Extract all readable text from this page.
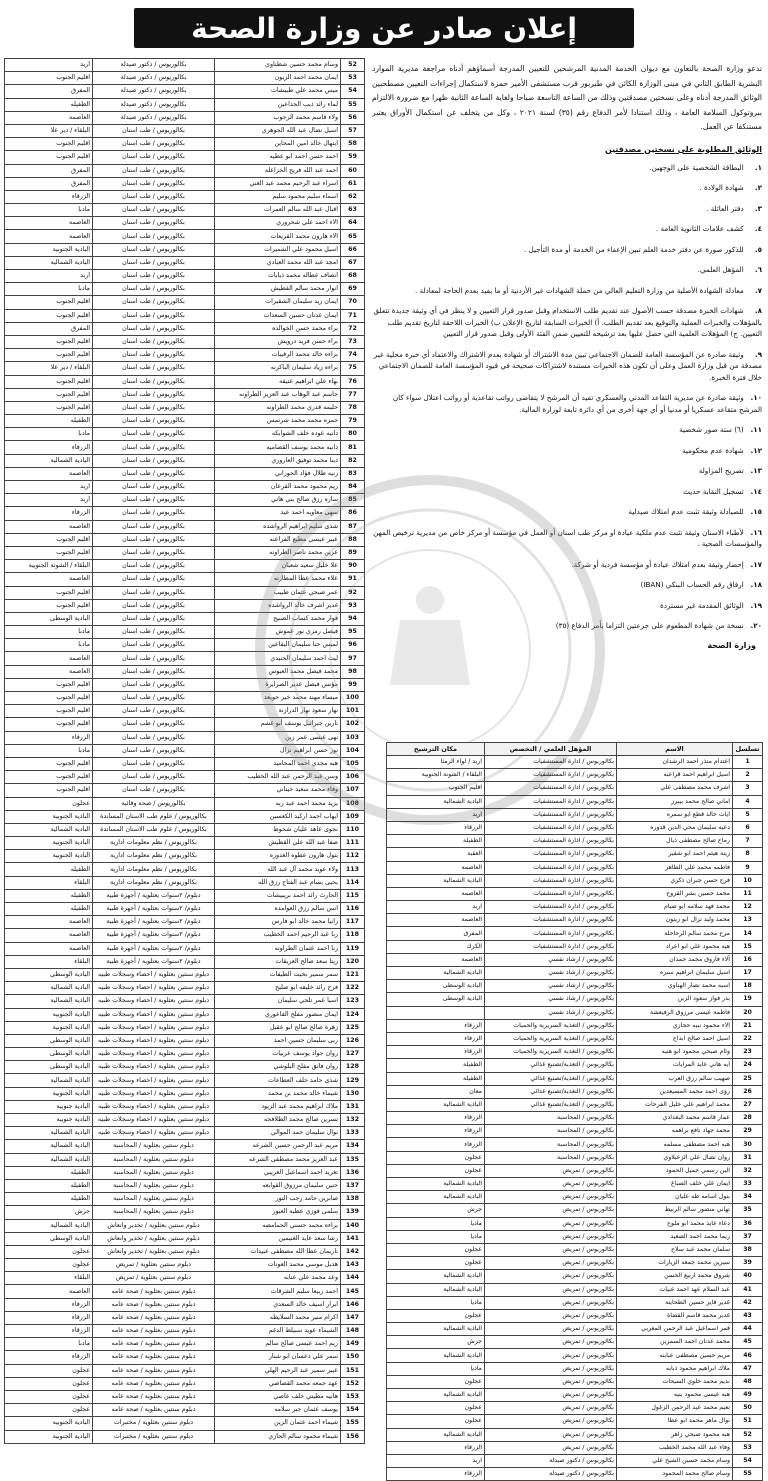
إعلان صادر عن وزارة الصحة
52	وسام محمد حسين شطناوي	بكالوريوس / دكتور صيدلة	اربد
53	ايمان محمد احمد الزيون	بكالوريوس / دكتور صيدلة	اقليم الجنوب
54	ميس محمد علي طبيشات	بكالوريوس / دكتور صيدلة	المفرق
55	لماء رائد ذيب الجداعين	بكالوريوس / دكتور صيدلة	الطفيله
56	ولاء قاسم محمد الرجوب	بكالوريوس / دكتور صيدلة	العاصمة
57	اسيل نضال عبد الله الجوهري	بكالوريوس / طب اسنان	البلقاء / دير علا
58	ابتهال خالد امين المحاين	بكالوريوس / طب اسنان	اقليم الجنوب
59	احمد حسن احمد ابو عطيه	بكالوريوس / طب اسنان	اقليم الجنوب
60	احمد عبد الله فريح الخزاعلة	بكالوريوس / طب اسنان	المفرق
61	اسراء عبد الرحيم محمد عبد الغني	بكالوريوس / طب اسنان	المفرق
62	اسماء سليم محمود سليم	بكالوريوس / طب اسنان	الزرقاء
63	اقبال عبد الله سالم العمرات	بكالوريوس / طب اسنان	مادبا
64	الاء احمد علي شحروري	بكالوريوس / طب اسنان	العاصمة
65	الاء هارون محمد القريعات	بكالوريوس / طب اسنان	العاصمة
66	اسيل محمود علي الشميرات	بكالوريوس / طب اسنان	البادية الجنوبية
67	امجد عبد الله محمد العبادي	بكالوريوس / طب اسنان	البادية الشمالية
68	انصاف عطاله محمد ذيابات	بكالوريوس / طب اسنان	اربد
69	انوار محمد سالم القطيش	بكالوريوس / طب اسنان	مادبا
70	ايمان زيد سليمان الشقيرات	بكالوريوس / طب اسنان	اقليم الجنوب
71	ايمان عدنان حسين السعدات	بكالوريوس / طب اسنان	اقليم الجنوب
72	براء محمد حسن الخوالده	بكالوريوس / طب اسنان	المفرق
73	براء حسن فريد درويش	بكالوريوس / طب اسنان	اقليم الجنوب
74	براءه خالد محمد الرقيبات	بكالوريوس / طب اسنان	اقليم الجنوب
75	براءه زياد سليمان الباكرنه	بكالوريوس / طب اسنان	البلقاء / دير علا
76	بهاء علي ابراهيم عتيقة	بكالوريوس / طب اسنان	اقليم الجنوب
77	جاسم عبد الوهاب عبد العزيز الطراونه	بكالوريوس / طب اسنان	اقليم الجنوب
78	حليمه قدري محمد الطراونه	بكالوريوس / طب اسنان	اقليم الجنوب
79	حمزه محمد محمد شرتمس	بكالوريوس / طب اسنان	الطفيله
80	دانيه عوده خلف الشوابكه	بكالوريوس / طب اسنان	مادبا
81	دانيه محمد يوسف القضاميه	بكالوريوس / طب اسنان	الزرقاء
82	دينا محمد توفيق العاروري	بكالوريوس / طب اسنان	البادية الشمالية
83	رنيه طلال فؤاد الحوراني	بكالوريوس / طب اسنان	العاصمة
84	ريم محمود محمد القرعان	بكالوريوس / طب اسنان	اربد
85	ساره رزق صالح بني هاني	بكالوريوس / طب اسنان	اربد
86	سهى معاويه احمد عيد	بكالوريوس / طب اسنان	الزرقاء
87	شذى سليم ابراهيم الرواشده	بكالوريوس / طب اسنان	العاصمة
88	عبير عيسى مطيع الفراعنه	بكالوريوس / طب اسنان	اقليم الجنوب
89	عرين محمد ناصر الطراونه	بكالوريوس / طب اسنان	اقليم الجنوب
90	علا خليل سعيد شعبان	بكالوريوس / طب اسنان	البلقاء / الشونة الجنوبية
91	علاء محمد عطا المطارنه	بكالوريوس / طب اسنان	العاصمة
92	عمر صبحي عثمان طبيب	بكالوريوس / طب اسنان	اقليم الجنوب
93	غدير اشرف خالد الرواشده	بكالوريوس / طب اسنان	اقليم الجنوب
94	فواز محمد كساب الصبيح	بكالوريوس / طب اسنان	البادية الوسطى
95	فيصل رمزي نور عموش	بكالوريوس / طب اسنان	مادبا
96	لميس حنا سليمان البقاعين	بكالوريوس / طب اسنان	مادبا
97	ليث احمد سليمان الجنيدي	بكالوريوس / طب اسنان	العاصمة
98	محمد فيصل محمد العبوس	بكالوريوس / طب اسنان	العاصمة
99	مؤنس فيصل عدير الصرايرة	بكالوريوس / طب اسنان	اقليم الجنوب
100	ميساء مهند محمد خير جويعد	بكالوريوس / طب اسنان	اقليم الجنوب
101	نهار سعود نهار الدرازنة	بكالوريوس / طب اسنان	اقليم الجنوب
102	نارين جبرائيل يوسف أبو غشم	بكالوريوس / طب اسنان	اقليم الجنوب
103	نهى عيسى عمر زبن	بكالوريوس / طب اسنان	الزرقاء
104	نور حسن ابراهيم نزال	بكالوريوس / طب اسنان	مادبا
105	هبه مجدي احمد المحاميد	بكالوريوس / طب اسنان	اقليم الجنوب
106	وسن عبد الرحمن عبد الله الخطيب	بكالوريوس / طب اسنان	اقليم الجنوب
107	وفاء محمد سعيد خيتاني	بكالوريوس / طب اسنان	اقليم الجنوب
108	يزيد محمد احمد عبد ربه	بكالوريوس / صحة وقائية	عجلون
109	ايهاب احمد اركيد الكعسين	بكالوريوس / علوم طب الاسنان المساندة	البادية الجنوبية
110	نجوى عاهد عليان شحوط	بكالوريوس / علوم طب الاسنان المساندة	البادية الشمالية
111	صفا عبد الله علي القطيش	بكالوريوس / نظم معلومات ادارية	البادية الجنوبية
112	بتول هارون عطوه الغدوره	بكالوريوس / نظم معلومات ادارية	البادية الجنوبية
113	ولاء عويد محمد آل عبد الله	بكالوريوس / نظم معلومات ادارية	الطفيله
114	يحيى بسام عبد الفتاح رزق الله	بكالوريوس / نظم معلومات ادارية	البلقاء
115	الحارث رائد احمد بريبيشات	دبلوم/ ٢سنوات بعثلوية / أجهزة طبية	الطفيله
116	انس سالم رزق العوامده	دبلوم/ ٢سنوات بعثلوية / أجهزة طبية	الطفيله
117	رانيا محمد خالد ابو فارس	دبلوم/ ٢سنوات بعثلوية / أجهزة طبية	العاصمة
118	ربا عبد الرحيم احمد الخطيب	دبلوم/ ٢سنوات بعثلوية / أجهزة طبية	العاصمة
119	رنا احمد عثمان الطراونه	دبلوم/ ٢سنوات بعثلوية / أجهزة طبية	العاصمة
120	ريتا سعد صالح العريقات	دبلوم/ ٢سنوات بعثلوية / أجهزة طبية	البلقاء
121	سمر سمير بخيت الطيفات	دبلوم سنتين بعثلوية / احصاء وسجلات طبيه	البادية الوسطى
122	فرح رائد خليفه ابو صليح	دبلوم سنتين بعثلوية / احصاء وسجلات طبيه	البادية الشمالية
123	اسيا عمر تلجي سليمان	دبلوم سنتين بعثلوية / احصاء وسجلات طبيه	البادية الشمالية
124	ايمان منصور مفلح الفاعوري	دبلوم سنتين بعثلوية / احصاء وسجلات طبيه	البادية الجنوبية
125	زهرة صالح صالح ابو عقيل	دبلوم سنتين بعثلوية / احصاء وسجلات طبيه	البادية الجنوبية
126	ربى سليمان حسين احمد	دبلوم سنتين بعثلوية / احصاء وسجلات طبيه	البادية الوسطى
127	روان جواد يوسف عربيات	دبلوم سنتين بعثلوية / احصاء وسجلات طبيه	البادية الوسطى
128	روان فاتق مفلح البلوشي	دبلوم سنتين بعثلوية / احصاء وسجلات طبيه	البادية الوسطى
129	شذى حامد خلف العطاعات	دبلوم سنتين بعثلوية / احصاء وسجلات طبيه	البادية الشمالية
130	شيماء خالد محمد بن محمد	دبلوم سنتين بعثلوية / احصاء وسجلات طبيه	البادية الجنوبية
131	ملاك ابراهيم محمد عبد الزيود	دبلوم سنتين بعثلوية / احصاء وسجلات طبيه	البادية جنوبية
132	نسرين صالح محمد الطلافحه	دبلوم سنتين بعثلوية / احصاء وسجلات طبيه	البادية جنوبية
133	نوال سليمان حمد الموالي	دبلوم سنتين بعثلوية / احصاء وسجلات طبيه	البادية الشمالية
134	مريم عبد الرحمن حسين الشرعه	دبلوم سنتين بعثلوية / المحاسبة	البادية الشمالية
135	عبد العزيز محمد مصطفى الشرعه	دبلوم سنتين بعثلوية / المحاسبة	البادية الشمالية
136	تغريد احمد اسماعيل الغريبي	دبلوم سنتين بعثلوية / المحاسبة	الطفيله
137	حنين سليمان مرزوق القوابعه	دبلوم سنتين بعثلوية / المحاسبة	الطفيله
138	صابرين حامد رجب النور	دبلوم سنتين بعثلوية / المحاسبة	الطفيله
139	سلمى فوزي عطية العبور	دبلوم سنتين بعثلوية / المحاسبة	جرش
140	براءه محمد حسني الحمامصه	دبلوم سنتين بعثلوية / تخدير وانعاش	البادية الشمالية
141	رشا سعد عايد الغنيمين	دبلوم سنتين بعثلوية / تخدير وانعاش	البادية الوسطى
142	ناريمان عطا الله مصطفى عبيدات	دبلوم سنتين بعثلوية / تخدير وانعاش	عجلون
143	هديل موسى محمد العونات	دبلوم سنتين بعثلوية / تمريض	عجلون
144	وعد محمد علي عنابه	دبلوم سنتين بعثلوية / تمريض	البلقاء
145	احمد ربيعا سليم الشرقات	دبلوم سنتين بعثلوية / صحة عامه	العاصمة
146	ابرار اسيف خالد السعدي	دبلوم سنتين بعثلوية / صحة عامه	الزرقاء
147	اكرام منير محمد السلايطه	دبلوم سنتين بعثلوية / صحة عامه	الزرقاء
148	الشيماء عويد سبيلط الدغم	دبلوم سنتين بعثلوية / صحة عامه	الزرقاء
149	ريم احمد عيسى صالح سالم	دبلوم سنتين بعثلوية / صحة عامه	مادبا
150	سمر علي دعسان ابو شنار	دبلوم سنتين بعثلوية / صحة عامه	الزرقاء
151	عبير سمير عبد الرحيم الهلي	دبلوم سنتين بعثلوية / صحة عامه	عجلون
152	عهد جمعه محمد القصاصي	دبلوم سنتين بعثلوية / صحة عامه	عجلون
153	هانيه مطيتي خلف عاصي	دبلوم سنتين بعثلوية / صحة عامه	عجلون
154	يوسف عثمان جبر سلامه	دبلوم سنتين بعثلوية / صحة عامه	عجلون
155	شيماء احمد عثمان الزين	دبلوم سنتين بعثلوية / مختبرات	البادية الجنوبية
156	شيماء محمود سالم الجازي	دبلوم سنتين بعثلوية / مختبرات	البادية الجنوبية

تدعو وزارة الصحة بالتعاون مع ديوان الخدمة المدنية المرشحين للتعيين المدرجة أسماؤهم أدناه مراجعة مديرية الموارد البشرية الطابق الثاني في مبنى الوزارة الكائن في طبربور قرب مستشفى الأمير حمزة لاستكمال إجراءات التعيين مصطحبين الوثائق المدرجة أدناه وعلى نسختين مصدقتين وذلك من الساعة التاسعة صباحا ولغاية الساعة الثانية ظهرا مع ضرورة الالتزام ببروتوكول السلامة العامة ، وذلك استنادا لأمر الدفاع رقم (٣٥) لسنة ٢٠٢١ ، وكل من يتخلف عن استكمال الأوراق يعتبر مستنكفا عن العمل.

الوثائق المطلوبة على نسختين مصدقتين
١. البطاقة الشخصية على الوجهين.
٢. شهادة الولادة .
٣. دفتر العائلة .
٤. كشف علامات الثانوية العامة .
٥. للذكور صورة عن دفتر خدمة العلم تبين الإعفاء من الخدمة أو مدة التأجيل .
٦. المؤهل العلمي.
٧. معادلة الشهادة الأصلية من وزارة التعليم العالي من حملة الشهادات غير الأردنية أو ما يفيد بعدم الحاجة لمعادلة .
٨. شهادات الخبرة مصدقة حسب الأصول عند تقديم طلب الاستخدام وقبل صدور قرار التعيين و لا ينظر في أي وثيقة جديدة تتعلق بالمؤهلات والخبرات العملية والتوقيع بعد تقديم الطلب. أ) الخبرات السابقة لتاريخ الإعلان ب) الخبرات اللاحقة لتاريخ تقديم طلب التعيين. ج) المؤهلات العلمية التي حصل عليها بعد ترشيحه للتعيين ضمن الفئة الأولى وقبل صدور قرار التعيين
٩. وثيقة صادرة عن المؤسسة العامة للضمان الاجتماعي تبين مدة الاشتراك أو شهادة بعدم الاشتراك والاعتماد أي خبرة محلية غير مصدقة من قبل وزارة العمل وعلى أن تكون هذه الخبرات مستندة لاشتراكات صحيحة في قيود المؤسسة العامة للضمان الاجتماعي خلال فترة الخبرة.
١٠. وثيقة صادرة عن مديرية التقاعد المدني والعسكري تفيد أن المرشح لا يتقاضى رواتب تقاعدية أو رواتب اعتلال سواء كان المرشح متقاعد عسكريا أو مدنيا أو أي جهة أخرى من أي دائرة تابعة لوزارة المالية.
١١. (٦) ستة صور شخصية
١٢. شهادة عدم محكومية
١٣. تصريح المزاولة
١٤. تسجيل النقابة حديث
١٥. للصيادلة وثيقة تثبت عدم امتلاك صيدلية
١٦. لأطباء الاسنان وثيقة تثبت عدم ملكية عيادة او مركز طب اسنان أو العمل في مؤسسة أو مركز خاص من مديرية ترخيص المهن والمؤسسات الصحية .
١٧. إحضار وثيقة بعدم امتلاك عيادة أو مؤسسة فردية أو شركة.
١٨. ارفاق رقم الحساب البنكي (IBAN)
١٩. الوثائق المقدمة غير مستردة
٢٠. نسخة من شهادة المطعوم على جرعتين التزاما بأمر الدفاع (٣٥)
وزارة الصحة
تسلسل	الاسم	المؤهل العلمي / التخصص	مكان الترشيح
1	اعتدام منذر احمد الرشدان	بكالوريوس / ادارة المستشفيات	اربد / لواء الرمثا
2	اسيل ابراهيم احمد قراعبه	بكالوريوس / ادارة المستشفيات	البلقاء / الشونة الجنوبية
3	اشرف محمد مصطفى علي	بكالوريوس / ادارة المستشفيات	اقليم الجنوب
4	اماني صالح محمد بيبرز	بكالوريوس / ادارة المستشفيات	البادية الشمالية
5	ايات خالد قطع ابو سمره	بكالوريوس / ادارة المستشفيات	اربد
6	دعيه سليمان محي الدين قدوره	بكالوريوس / ادارة المستشفيات	الزرقاء
7	رماح صالح مصطفى ذيال	بكالوريوس / ادارة المستشفيات	الطفيلة
8	زينة هيثم احمد ابو شقير	بكالوريوس / ادارة المستشفيات	العقبة
9	فاطمه محمد علي الطاهر	بكالوريوس / ادارة المستشفيات	العاصمة
10	فرح حسن جبران ذكري	بكالوريوس / ادارة المستشفيات	البادية الشمالية
11	محمد حسين بشر القروح	بكالوريوس / ادارة المستشفيات	العاصمة
12	محمد فهد سلامه ابو صيام	بكالوريوس / ادارة المستشفيات	اربد
13	محمد وليد نزال ابو زيتون	بكالوريوس / ادارة المستشفيات	العاصمة
14	مرح محمد سالم الرحاحلة	بكالوريوس / ادارة المستشفيات	المفرق
15	هيه محمود علي ابو اعراد	بكالوريوس / ادارة المستشفيات	الكرك
16	آلاء فاروق محمد حمدان	بكالوريوس / ارشاد نفسي	العاصمة
17	اسيل سليمان ابراهيم سبره	بكالوريوس / ارشاد نفسي	البادية الشمالية
18	اسيه محمد نصار الهناوي	بكالوريوس / ارشاد نفسي	البادية الوسطى
19	بدر فواز سعود الزبن	بكالوريوس / ارشاد نفسي	البادية الوسطى
20	فاطمة عيسى مرزوق الرفيعشة	بكالوريوس / ارشاد نفسي	
21	الاء محمود نبيه حجازي	بكالوريوس / التغذية السريرية والحميات	الزرقاء
22	اسيل احمد صالح ابداح	بكالوريوس / التغذية السريرية والحميات	الزرقاء
23	وئام صبحي محمود ابو هنيه	بكالوريوس / التغذية السريرية والحميات	الزرقاء
24	ايه هاني عايد المرايات	بكالوريوس / التغذية/تصنيع غذائي	الطفيلة
25	صهيب سالم رزق العرب	بكالوريوس / التغذية/تصنيع غذائي	الطفيلة
26	رؤى احمد محمد المسيعدين	بكالوريوس / التغذية/تصنيع غذائي	معان
27	محمد ابراهيم علي خليل الفرحات	بكالوريوس / التغذية/تصنيع غذائي	البادية الشمالية
28	عمار قاسم محمد البغدادي	بكالوريوس / المحاسبة	الزرقاء
29	محمد جهاد نافع براهمه	بكالوريوس / المحاسبة	الزرقاء
30	هبه احمد مصطفى مسلمه	بكالوريوس / المحاسبة	الزرقاء
31	روان نضال علي الزعبلاوي	بكالوريوس / المحاسبة	عجلون
32	الين رسمي جميل الحمود	بكالوريوس / تمريض	عجلون
33	ايمان علي خلف الصباغ	بكالوريوس / تمريض	البادية الشمالية
34	بتول اسامه طه عليان	بكالوريوس / تمريض	البادية الشمالية
35	تهاني منصور سالم الربيط	بكالوريوس / تمريض	جرش
36	دعاء عايد محمد ابو ملوح	بكالوريوس / تمريض	ماديا
37	ريما محمد احمد الصعيد	بكالوريوس / تمريض	ماديا
38	سلمان محمد عبد سلاح	بكالوريوس / تمريض	عجلون
39	سيرين محمد جمعه الزيارات	بكالوريوس / تمريض	عجلون
40	شروق محمد اربيع الحسن	بكالوريوس / تمريض	البادية الشمالية
41	عبد السلام عهد احمد عبيات	بكالوريوس / تمريض	البادية الشمالية
42	غدير فايز حسين الطحاينة	بكالوريوس / تمريض	ماديا
43	غدير محمد قاسم القضاة	بكالوريوس / تمريض	عجلون
44	قمر اسماعيل عبد الرحمن المغربي	بكالوريوس / تمريض	البادية الشمالية
45	محمد عدنان احمد السمرين	بكالوريوس / تمريض	جرش
46	مريم حسين مصطفى عبابنه	بكالوريوس / تمريض	البادية الشمالية
47	ملاك ابراهيم محمود ذبابه	بكالوريوس / تمريض	ماديا
48	نديم محمد خلوي السيحات	بكالوريوس / تمريض	عجلون
49	هبه عيسى محمود بنيه	بكالوريوس / تمريض	البادية الشمالية
50	نعيم محمد عبد الرحمن الزغول	بكالوريوس / تمريض	عجلون
51	نوال ماهر محمد ابو عطا	بكالوريوس / تمريض	عجلون
52	هبه محمود صبحي زاهر	بكالوريوس / تمريض	البادية الشمالية
53	وفاء عبد الله محمد الخطيب	بكالوريوس / تمريض	الزرقاء
54	وسام محمد حسين الشيخ علي	بكالوريوس / دكتور صيدلة	اربد
55	وسام صالح محمد المحمود	بكالوريوس / دكتور صيدلة	الزرقاء
